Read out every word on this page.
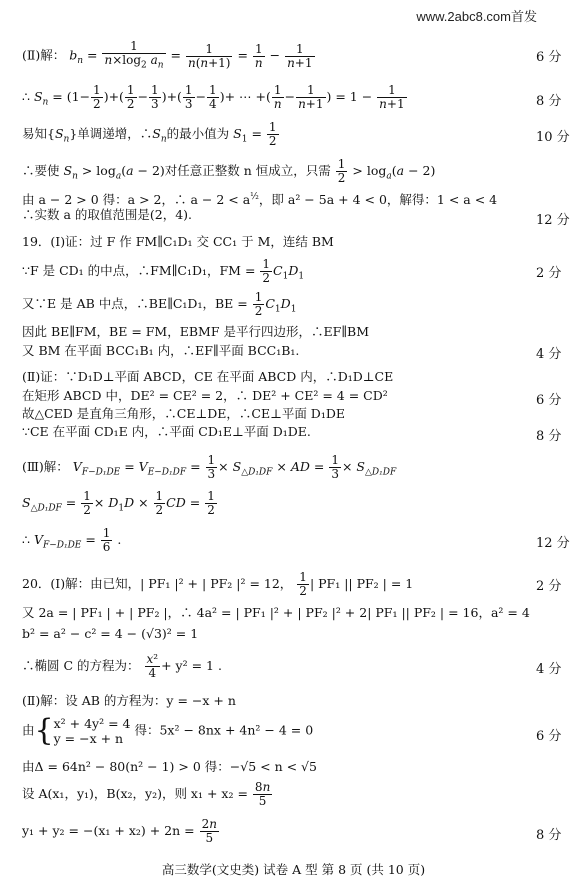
www.2abc8.com首发
(Ⅱ)解： $b_n = \frac{1}{n\times\log_2 a_n} = \frac{1}{n(n+1)} = \frac{1}{n} - \frac{1}{n+1}$	6 分
∴ $S_n = (1- \frac{1}{2}$ )+( $\frac{1}{2} - \frac{1}{3}$ )+( $\frac{1}{3} - \frac{1}{4}$ )+ ⋯ +( $\frac{1}{n} - \frac{1}{n+1}$ ) = $1 - \frac{1}{n+1}$	8 分
易知$\{S_n\}$单调递增，$\therefore S_n$的最小值为 $S_1 = \frac{1}{2}$	10 分
∴要使 $S_n > \log_a(a - 2)$对任意正整数 n 恒成立，只需 $\frac{1}{2} > \log_a(a - 2)$
由 a − 2 > 0 得：a > 2，∴ $a - 2 < a^{\frac{1}{2}}$，即 a² − 5a + 4 < 0，解得：1 < a < 4
∴实数 a 的取值范围是(2，4).	12 分
19．(Ⅰ)证：过 F 作 FM∥C₁D₁ 交 CC₁ 于 M，连结 BM
∵F 是 CD₁ 的中点，∴FM∥C₁D₁，FM = $\frac{1}{2} C_1D_1$	2 分
又∵E 是 AB 中点，∴BE∥C₁D₁，BE = $\frac{1}{2} C_1D_1$
因此 BE∥FM，BE = FM，EBMF 是平行四边形，∴EF∥BM
又 BM 在平面 BCC₁B₁ 内，∴EF∥平面 BCC₁B₁.	4 分
(Ⅱ)证：∵D₁D⊥平面 ABCD，CE 在平面 ABCD 内，∴D₁D⊥CE
在矩形 ABCD 中，DE² = CE² = 2，∴ DE² + CE² = 4 = CD²	6 分
故△CED 是直角三角形，∴CE⊥DE，∴CE⊥平面 D₁DE
∵CE 在平面 CD₁E 内，∴平面 CD₁E⊥平面 D₁DE.	8 分
(Ⅲ)解： $V_{F-D_1DE} = V_{E-D_1DF} = \frac{1}{3} \times S_{\triangle D_1DF}$ × AD = $\frac{1}{3} \times S_{\triangle D_1DF}$
$S_{\triangle D_1DF} = \frac{1}{2} \times D_1D \times \frac{1}{2}$ CD = $\frac{1}{2}$
∴ $V_{F-D_1DE} = \frac{1}{6}$ .	12 分
20．(Ⅰ)解：由已知，| PF₁ |² + | PF₂ |² = 12， $\frac{1}{2}$ | PF₁ || PF₂ | = 1	2 分
又 2a = | PF₁ | + | PF₂ |，∴ 4a² = | PF₁ |² + | PF₂ |² + 2| PF₁ || PF₂ | = 16，a² = 4
b² = a² − c² = 4 − (√3)² = 1
∴椭圆 C 的方程为： $\frac{\text{x²}}{4} + y^2 = 1$ .	4 分
(Ⅱ)解：设 AB 的方程为：y = −x + n
由{x² + 4y² = 4
y = −x + n 得：5x² − 8nx + 4n² − 4 = 0	6 分
由Δ = 64n² − 80(n² − 1) > 0 得：−√5 < n < √5
设 A(x₁，y₁)，B(x₂，y₂)，则 $x_1 + x_2 = \frac{8n}{5}$
$y_1 + y_2 = -(x_1 + x_2) + 2n = \frac{2n}{5}$	8 分
高三数学(文史类) 试卷 A 型 第 8 页 (共 10 页)
